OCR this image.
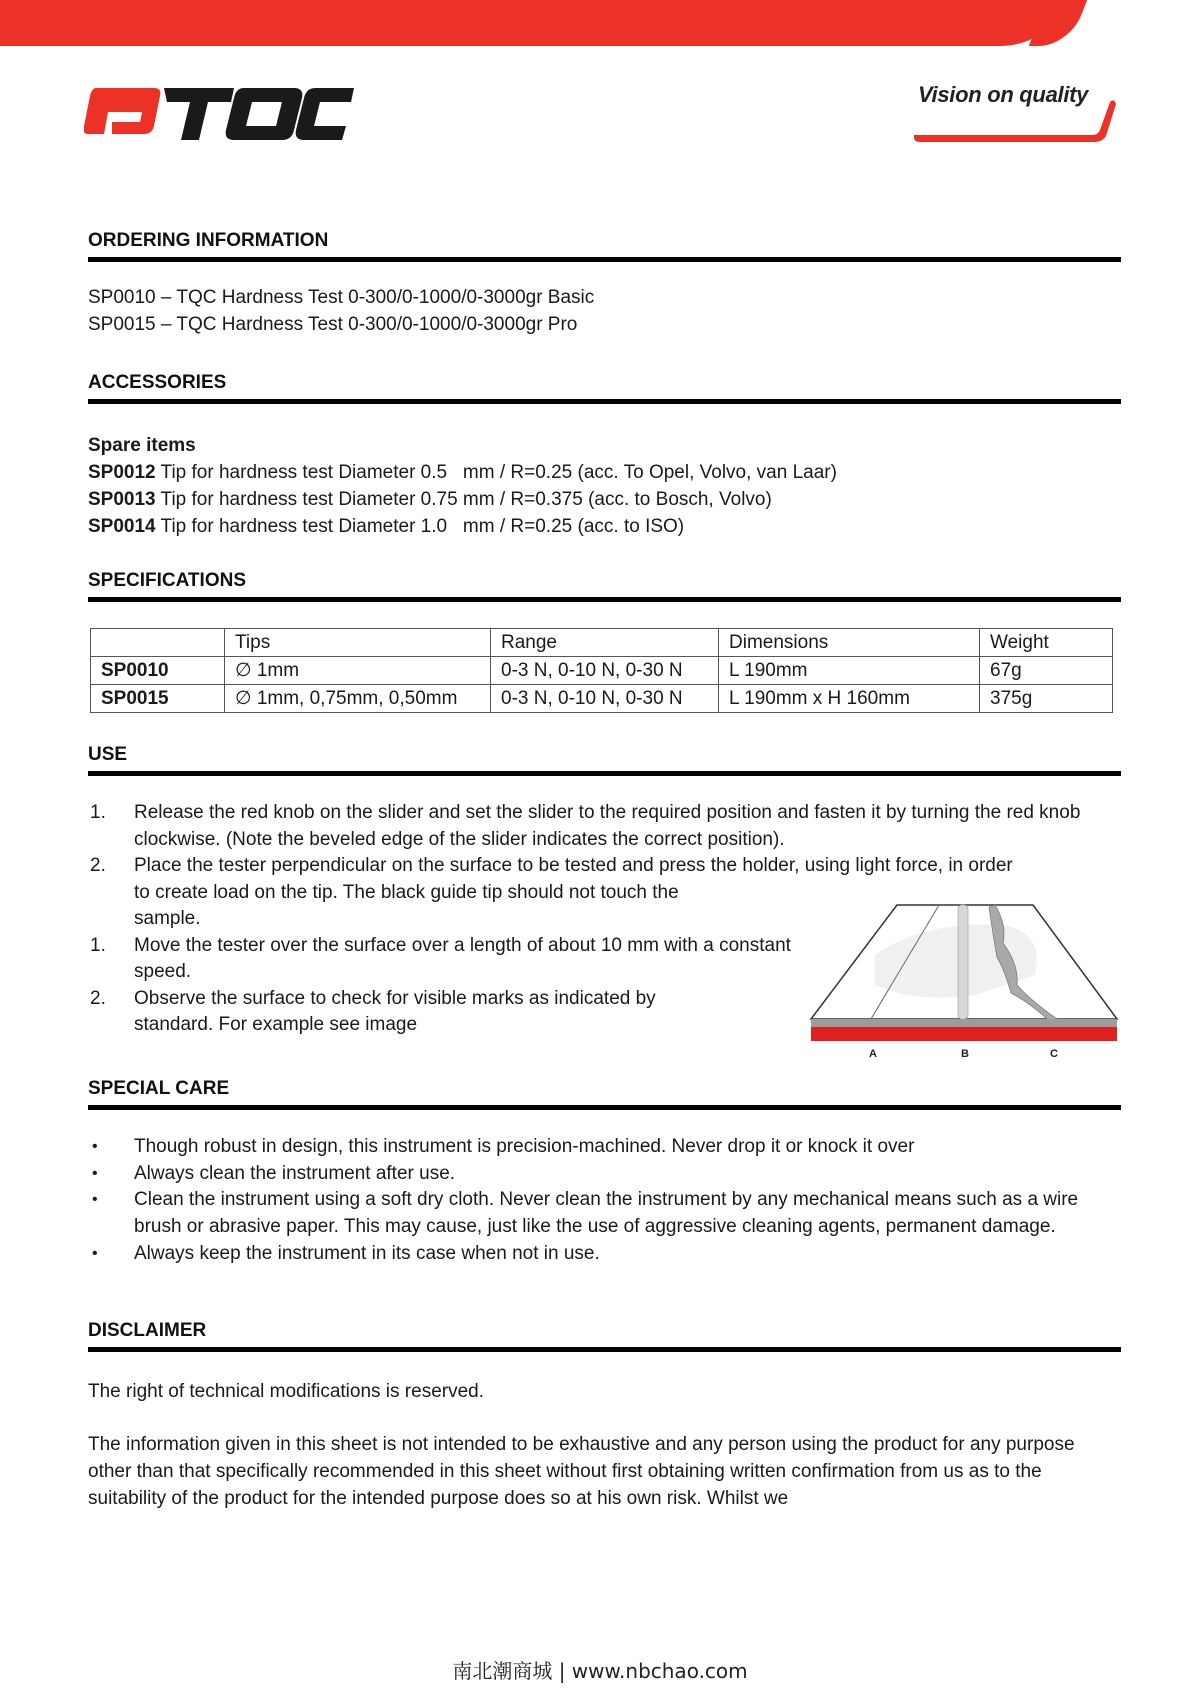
Vision on quality
ORDERING INFORMATION
SP0010 – TQC Hardness Test 0-300/0-1000/0-3000gr Basic
SP0015 – TQC Hardness Test 0-300/0-1000/0-3000gr Pro
ACCESSORIES
Spare items
SP0012 Tip for hardness test Diameter 0.5   mm / R=0.25 (acc. To Opel, Volvo, van Laar)
SP0013 Tip for hardness test Diameter 0.75 mm / R=0.375 (acc. to Bosch, Volvo)
SP0014 Tip for hardness test Diameter 1.0   mm / R=0.25 (acc. to ISO)
SPECIFICATIONS
	Tips	Range	Dimensions	Weight
SP0010	∅ 1mm	0-3 N, 0-10 N, 0-30 N	L 190mm	67g
SP0015	∅ 1mm, 0,75mm, 0,50mm	0-3 N, 0-10 N, 0-30 N	L 190mm x H 160mm	375g
USE
1. Release the red knob on the slider and set the slider to the required position and fasten it by turning the red knob clockwise. (Note the beveled edge of the slider indicates the correct position).
2. Place the tester perpendicular on the surface to be tested and press the holder, using light force, in order
to create load on the tip. The black guide tip should not touch the sample.
1. Move the tester over the surface over a length of about 10 mm with a constant speed.
2. Observe the surface to check for visible marks as indicated by standard. For example see image
A	B	C
SPECIAL CARE
• Though robust in design, this instrument is precision-machined. Never drop it or knock it over
• Always clean the instrument after use.
• Clean the instrument using a soft dry cloth. Never clean the instrument by any mechanical means such as a wire brush or abrasive paper. This may cause, just like the use of aggressive cleaning agents, permanent damage.
• Always keep the instrument in its case when not in use.
DISCLAIMER
The right of technical modifications is reserved.
The information given in this sheet is not intended to be exhaustive and any person using the product for any purpose other than that specifically recommended in this sheet without first obtaining written confirmation from us as to the suitability of the product for the intended purpose does so at his own risk. Whilst we
南北潮商城 | www.nbchao.com
